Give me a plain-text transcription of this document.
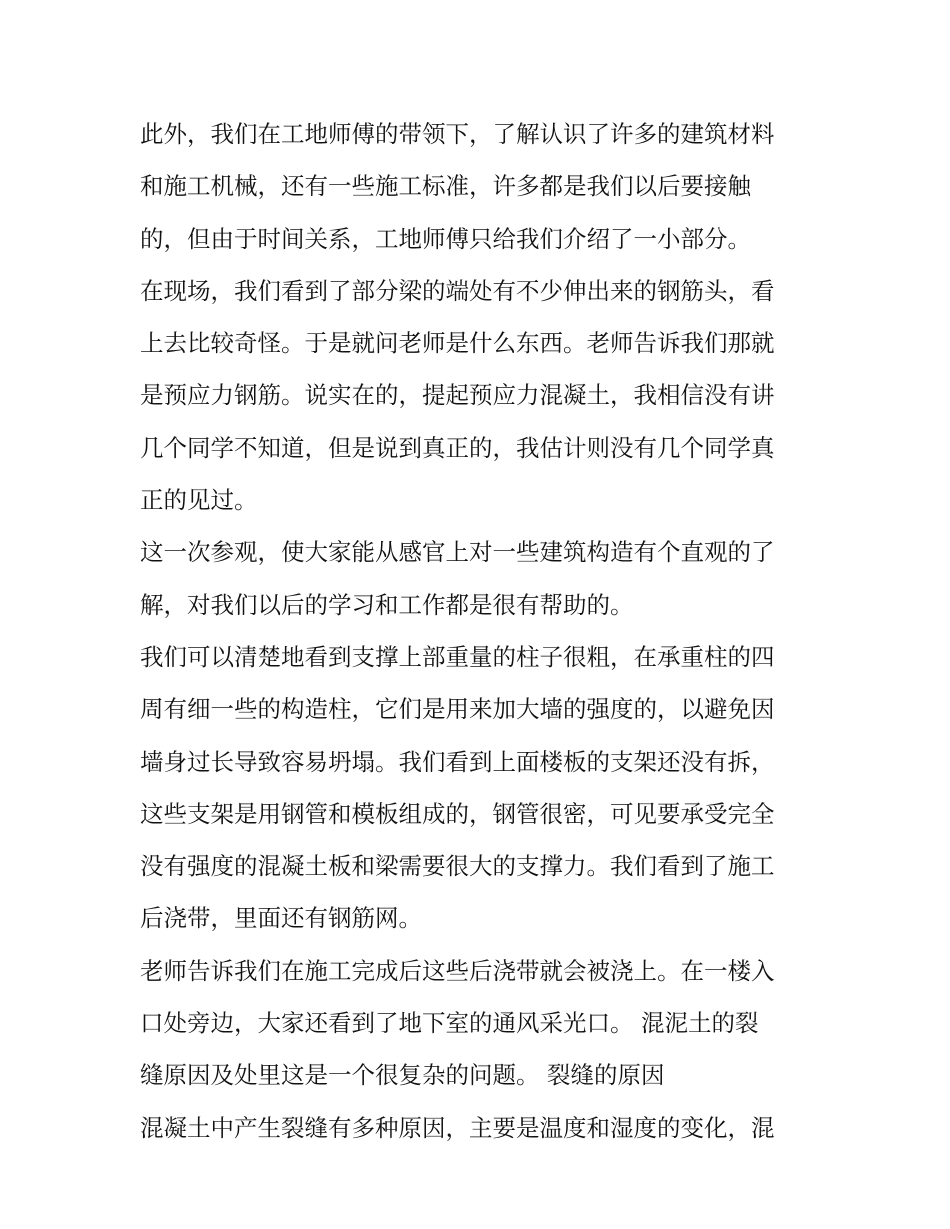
此外，我们在工地师傅的带领下，了解认识了许多的建筑材料
和施工机械，还有一些施工标准，许多都是我们以后要接触
的，但由于时间关系，工地师傅只给我们介绍了一小部分。
在现场，我们看到了部分梁的端处有不少伸出来的钢筋头，看
上去比较奇怪。于是就问老师是什么东西。老师告诉我们那就
是预应力钢筋。说实在的，提起预应力混凝土，我相信没有讲
几个同学不知道，但是说到真正的，我估计则没有几个同学真
正的见过。
这一次参观，使大家能从感官上对一些建筑构造有个直观的了
解，对我们以后的学习和工作都是很有帮助的。
我们可以清楚地看到支撑上部重量的柱子很粗，在承重柱的四
周有细一些的构造柱，它们是用来加大墙的强度的，以避免因
墙身过长导致容易坍塌。我们看到上面楼板的支架还没有拆，
这些支架是用钢管和模板组成的，钢管很密，可见要承受完全
没有强度的混凝土板和梁需要很大的支撑力。我们看到了施工
后浇带，里面还有钢筋网。
老师告诉我们在施工完成后这些后浇带就会被浇上。在一楼入
口处旁边，大家还看到了地下室的通风采光口。 混泥土的裂
缝原因及处里这是一个很复杂的问题。 裂缝的原因
混凝土中产生裂缝有多种原因，主要是温度和湿度的变化，混
